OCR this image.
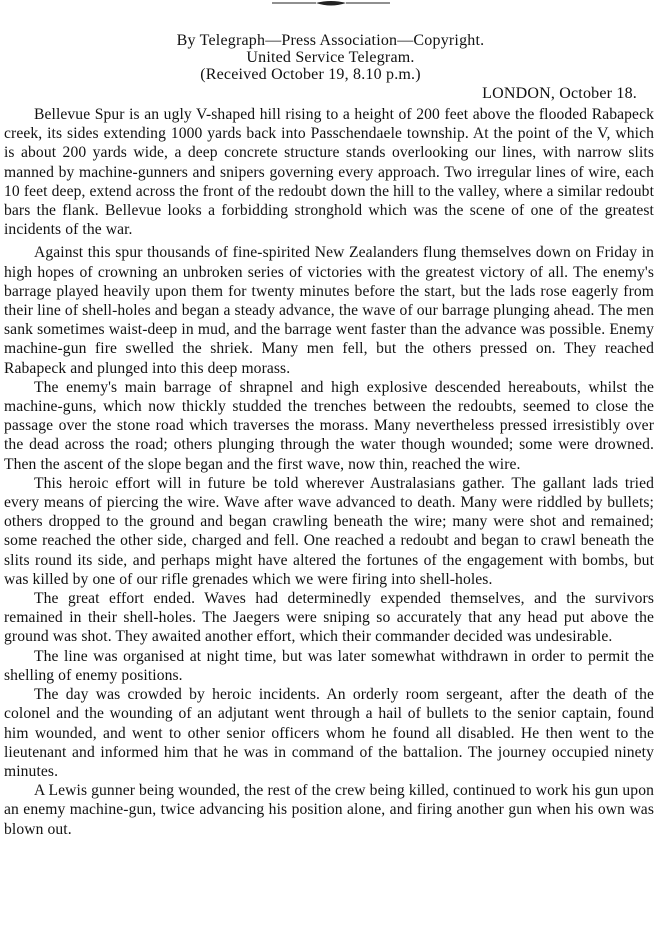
By Telegraph—Press Association—Copyright.
United Service Telegram.
(Received October 19, 8.10 p.m.)
LONDON, October 18.

Bellevue Spur is an ugly V-shaped hill rising to a height of 200 feet above the flooded Rabapeck creek, its sides extending 1000 yards back into Passchendaele township. At the point of the V, which is about 200 yards wide, a deep concrete structure stands overlooking our lines, with narrow slits manned by machine-gunners and snipers governing every approach. Two irregular lines of wire, each 10 feet deep, extend across the front of the redoubt down the hill to the valley, where a similar redoubt bars the flank. Bellevue looks a forbidding stronghold which was the scene of one of the greatest incidents of the war.

Against this spur thousands of fine-spirited New Zealanders flung themselves down on Friday in high hopes of crowning an unbroken series of victories with the greatest victory of all. The enemy's barrage played heavily upon them for twenty minutes before the start, but the lads rose eagerly from their line of shell-holes and began a steady advance, the wave of our barrage plunging ahead. The men sank sometimes waist-deep in mud, and the barrage went faster than the advance was possible. Enemy machine-gun fire swelled the shriek. Many men fell, but the others pressed on. They reached Rabapeck and plunged into this deep morass.

The enemy's main barrage of shrapnel and high explosive descended hereabouts, whilst the machine-guns, which now thickly studded the trenches between the redoubts, seemed to close the passage over the stone road which traverses the morass. Many nevertheless pressed irresistibly over the dead across the road; others plunging through the water though wounded; some were drowned. Then the ascent of the slope began and the first wave, now thin, reached the wire.

This heroic effort will in future be told wherever Australasians gather. The gallant lads tried every means of piercing the wire. Wave after wave advanced to death. Many were riddled by bullets; others dropped to the ground and began crawling beneath the wire; many were shot and remained; some reached the other side, charged and fell. One reached a redoubt and began to crawl beneath the slits round its side, and perhaps might have altered the fortunes of the engagement with bombs, but was killed by one of our rifle grenades which we were firing into shell-holes.

The great effort ended. Waves had determinedly expended themselves, and the survivors remained in their shell-holes. The Jaegers were sniping so accurately that any head put above the ground was shot. They awaited another effort, which their commander decided was undesirable.

The line was organised at night time, but was later somewhat withdrawn in order to permit the shelling of enemy positions.

The day was crowded by heroic incidents. An orderly room sergeant, after the death of the colonel and the wounding of an adjutant went through a hail of bullets to the senior captain, found him wounded, and went to other senior officers whom he found all disabled. He then went to the lieutenant and informed him that he was in command of the battalion. The journey occupied ninety minutes.

A Lewis gunner being wounded, the rest of the crew being killed, continued to work his gun upon an enemy machine-gun, twice advancing his position alone, and firing another gun when his own was blown out.
